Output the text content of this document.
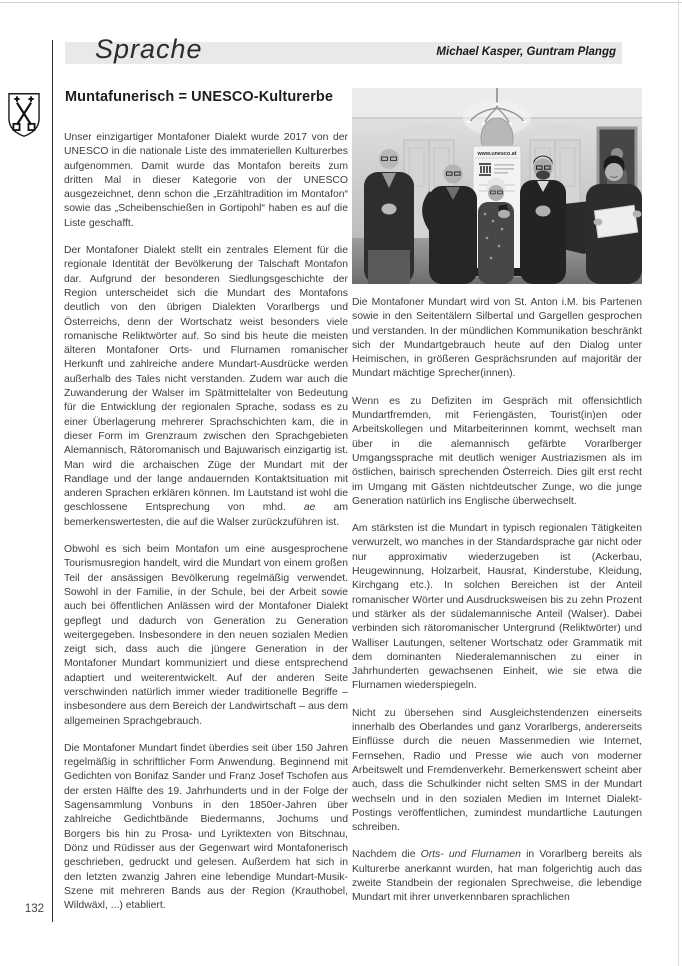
Sprache	Michael Kasper, Guntram Plangg
Muntafunerisch = UNESCO-Kulturerbe

Unser einzigartiger Montafoner Dialekt wurde 2017 von der UNESCO in die nationale Liste des immateriellen Kulturerbes aufgenommen. Damit wurde das Montafon bereits zum dritten Mal in dieser Kategorie von der UNESCO ausgezeichnet, denn schon die „Erzähltradition im Montafon“ sowie das „Scheibenschießen in Gortipohl“ haben es auf die Liste geschafft.

Der Montafoner Dialekt stellt ein zentrales Element für die regionale Identität der Bevölkerung der Talschaft Montafon dar. Aufgrund der besonderen Siedlungsgeschichte der Region unterscheidet sich die Mundart des Montafons deutlich von den übrigen Dialekten Vorarlbergs und Österreichs, denn der Wortschatz weist besonders viele romanische Reliktwörter auf. So sind bis heute die meisten älteren Montafoner Orts- und Flurnamen romanischer Herkunft und zahlreiche andere Mundart-Ausdrücke werden außerhalb des Tales nicht verstanden. Zudem war auch die Zuwanderung der Walser im Spätmittelalter von Bedeutung für die Entwicklung der regionalen Sprache, sodass es zu einer Überlagerung mehrerer Sprachschichten kam, die in dieser Form im Grenzraum zwischen den Sprachgebieten Alemannisch, Rätoromanisch und Bajuwarisch einzigartig ist. Man wird die archaischen Züge der Mundart mit der Randlage und der lange andauernden Kontaktsituation mit anderen Sprachen erklären können. Im Lautstand ist wohl die geschlossene Entsprechung von mhd. ae am bemerkenswertesten, die auf die Walser zurückzuführen ist.

Obwohl es sich beim Montafon um eine ausgesprochene Tourismusregion handelt, wird die Mundart von einem großen Teil der ansässigen Bevölkerung regelmäßig verwendet. Sowohl in der Familie, in der Schule, bei der Arbeit sowie auch bei öffentlichen Anlässen wird der Montafoner Dialekt gepflegt und dadurch von Generation zu Generation weitergegeben. Insbesondere in den neuen sozialen Medien zeigt sich, dass auch die jüngere Generation in der Montafoner Mundart kommuniziert und diese entsprechend adaptiert und weiterentwickelt. Auf der anderen Seite verschwinden natürlich immer wieder traditionelle Begriffe – insbesondere aus dem Bereich der Landwirtschaft – aus dem allgemeinen Sprachgebrauch.

Die Montafoner Mundart findet überdies seit über 150 Jahren regelmäßig in schriftlicher Form Anwendung. Beginnend mit Gedichten von Bonifaz Sander und Franz Josef Tschofen aus der ersten Hälfte des 19. Jahrhunderts und in der Folge der Sagensammlung Vonbuns in den 1850er-Jahren über zahlreiche Gedichtbände Biedermanns, Jochums und Borgers bis hin zu Prosa- und Lyriktexten von Bitschnau, Dönz und Rüdisser aus der Gegenwart wird Montafonerisch geschrieben, gedruckt und gelesen. Außerdem hat sich in den letzten zwanzig Jahren eine lebendige Mundart-Musik-Szene mit mehreren Bands aus der Region (Krauthobel, Wildwäxl, ...) etabliert.

www.unesco.at

Die Montafoner Mundart wird von St. Anton i.M. bis Partenen sowie in den Seitentälern Silbertal und Gargellen gesprochen und verstanden. In der mündlichen Kommunikation beschränkt sich der Mundartgebrauch heute auf den Dialog unter Heimischen, in größeren Gesprächsrunden auf majoritär der Mundart mächtige Sprecher(innen).

Wenn es zu Defiziten im Gespräch mit offensichtlich Mundartfremden, mit Feriengästen, Tourist(in)en oder Arbeitskollegen und Mitarbeiterinnen kommt, wechselt man über in die alemannisch gefärbte Vorarlberger Umgangssprache mit deutlich weniger Austriazismen als im östlichen, bairisch sprechenden Österreich. Dies gilt erst recht im Umgang mit Gästen nichtdeutscher Zunge, wo die junge Generation natürlich ins Englische überwechselt.

Am stärksten ist die Mundart in typisch regionalen Tätigkeiten verwurzelt, wo manches in der Standardsprache gar nicht oder nur approximativ wiederzugeben ist (Ackerbau, Heugewinnung, Holzarbeit, Hausrat, Kinderstube, Kleidung, Kirchgang etc.). In solchen Bereichen ist der Anteil romanischer Wörter und Ausdrucksweisen bis zu zehn Prozent und stärker als der südalemannische Anteil (Walser). Dabei verbinden sich rätoromanischer Untergrund (Reliktwörter) und Walliser Lautungen, seltener Wortschatz oder Grammatik mit dem dominanten Niederalemannischen zu einer in Jahrhunderten gewachsenen Einheit, wie sie etwa die Flurnamen wiederspiegeln.

Nicht zu übersehen sind Ausgleichstendenzen einerseits innerhalb des Oberlandes und ganz Vorarlbergs, andererseits Einflüsse durch die neuen Massenmedien wie Internet, Fernsehen, Radio und Presse wie auch von moderner Arbeitswelt und Fremdenverkehr. Bemerkenswert scheint aber auch, dass die Schulkinder nicht selten SMS in der Mundart wechseln und in den sozialen Medien im Internet Dialekt-Postings veröffentlichen, zumindest mundartliche Lautungen schreiben.

Nachdem die Orts- und Flurnamen in Vorarlberg bereits als Kulturerbe anerkannt wurden, hat man folgerichtig auch das zweite Standbein der regionalen Sprechweise, die lebendige Mundart mit ihrer unverkennbaren sprachlichen

132
